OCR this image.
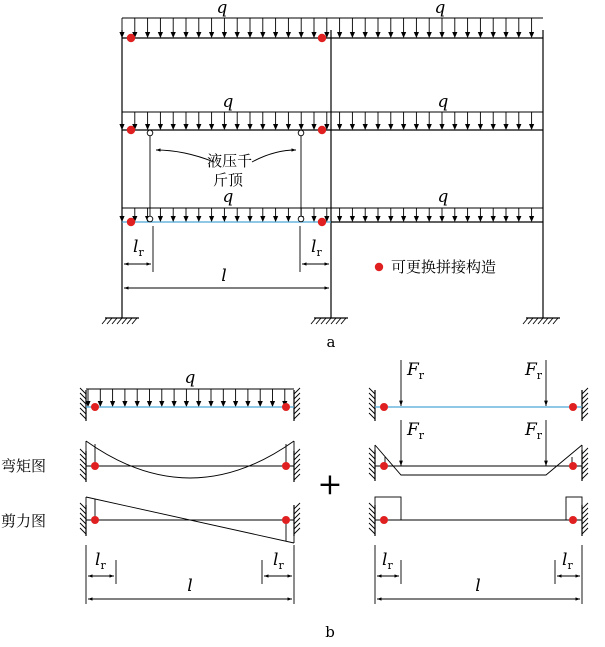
q	q
q	q
q	q
液压千 斤顶
$l_r$	$l_r$
l	可更换拼接构造
a
q
弯矩图
剪力图
$l_r$	$l_r$
l
+
$F_r$	$F_r$
$F_r$	$F_r$
$l_r$	$l_r$
l
b
